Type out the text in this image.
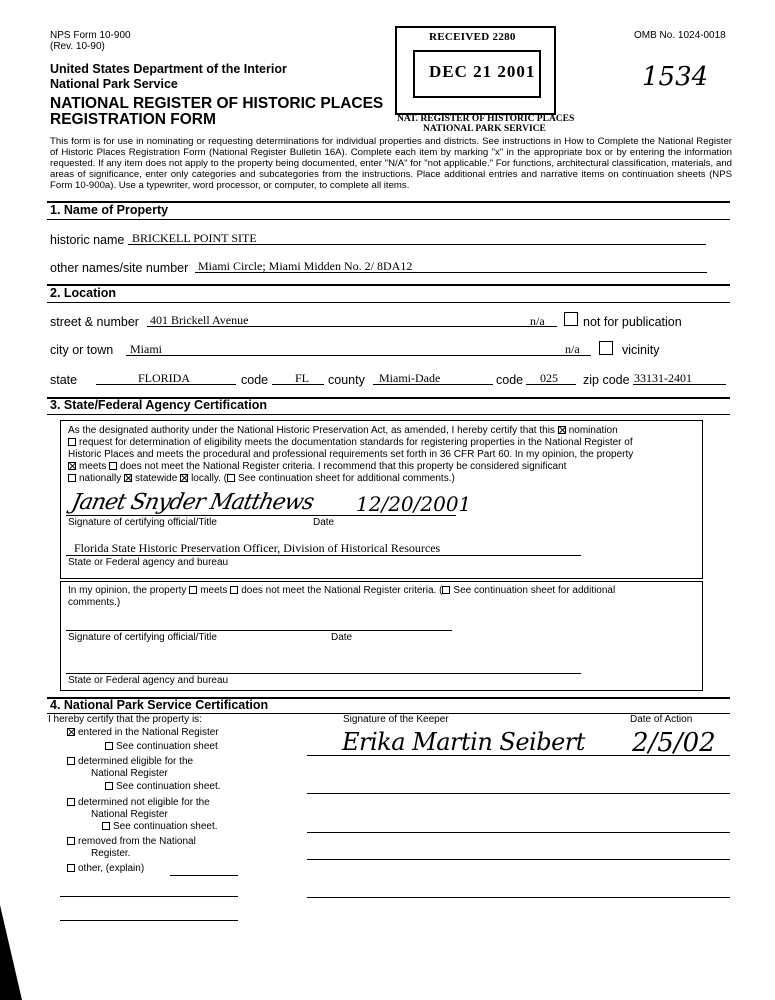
NPS Form 10-900
(Rev. 10-90)
OMB No. 1024-0018
United States Department of the Interior
National Park Service
NATIONAL REGISTER OF HISTORIC PLACES
REGISTRATION FORM
RECEIVED 2280
DEC 21 2001
NAT. REGISTER OF HISTORIC PLACES
NATIONAL PARK SERVICE
1534
This form is for use in nominating or requesting determinations for individual properties and districts. See instructions in How to Complete the National Register of Historic Places Registration Form (National Register Bulletin 16A). Complete each item by marking "x" in the appropriate box or by entering the information requested. If any item does not apply to the property being documented, enter "N/A" for "not applicable." For functions, architectural classification, materials, and areas of significance, enter only categories and subcategories from the instructions. Place additional entries and narrative items on continuation sheets (NPS Form 10-900a). Use a typewriter, word processor, or computer, to complete all items.
1. Name of Property
historic name BRICKELL POINT SITE
other names/site number Miami Circle; Miami Midden No. 2/ 8DA12
2. Location
street & number 401 Brickell Avenue	n/a	not for publication
city or town Miami	n/a	vicinity
state	FLORIDA	code FL county Miami-Dade	code 025 zip code 33131-2401
3. State/Federal Agency Certification
As the designated authority under the National Historic Preservation Act, as amended, I hereby certify that this nomination
request for determination of eligibility meets the documentation standards for registering properties in the National Register of
Historic Places and meets the procedural and professional requirements set forth in 36 CFR Part 60. In my opinion, the property
meets does not meet the National Register criteria. I recommend that this property be considered significant
nationally statewide locally. ( See continuation sheet for additional comments.)
Janet Snyder Matthews 12/20/2001
Signature of certifying official/Title	Date
Florida State Historic Preservation Officer, Division of Historical Resources
State or Federal agency and bureau
In my opinion, the property meets does not meet the National Register criteria. ( See continuation sheet for additional
comments.)
Signature of certifying official/Title	Date
State or Federal agency and bureau
4. National Park Service Certification
I hereby certify that the property is:	Signature of the Keeper	Date of Action
entered in the National Register
See continuation sheet
determined eligible for the
National Register
See continuation sheet.
determined not eligible for the
National Register
See continuation sheet.
removed from the National
Register.
other, (explain)
Erika Martin Seibert 2/5/02
